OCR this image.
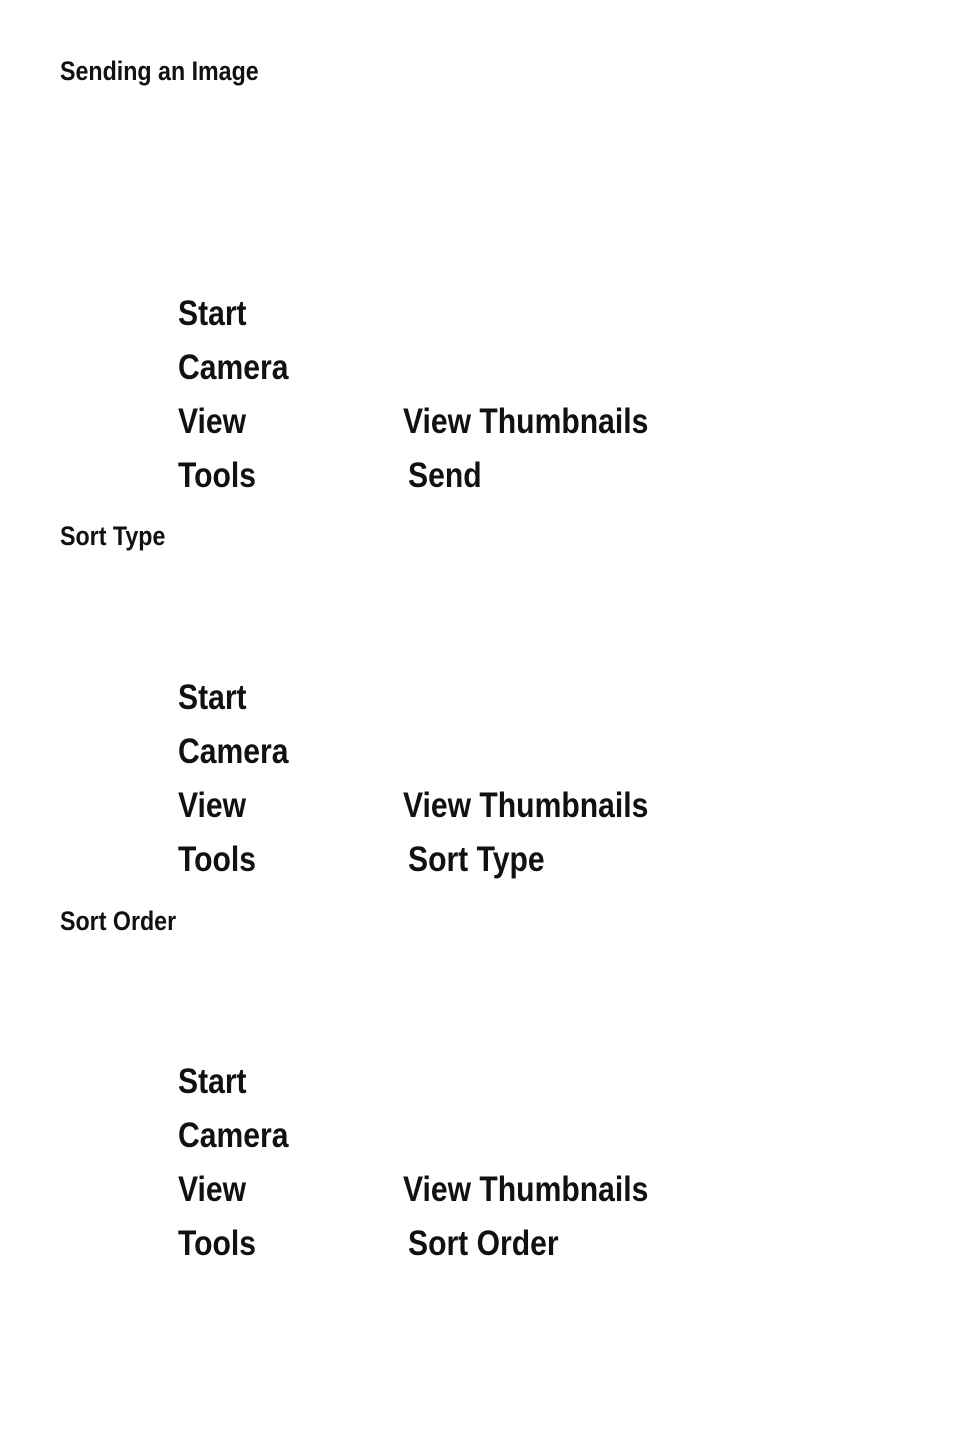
Sending an Image
Start
Camera
View	View Thumbnails
Tools	Send
Sort Type
Start
Camera
View	View Thumbnails
Tools	Sort Type
Sort Order
Start
Camera
View	View Thumbnails
Tools	Sort Order
